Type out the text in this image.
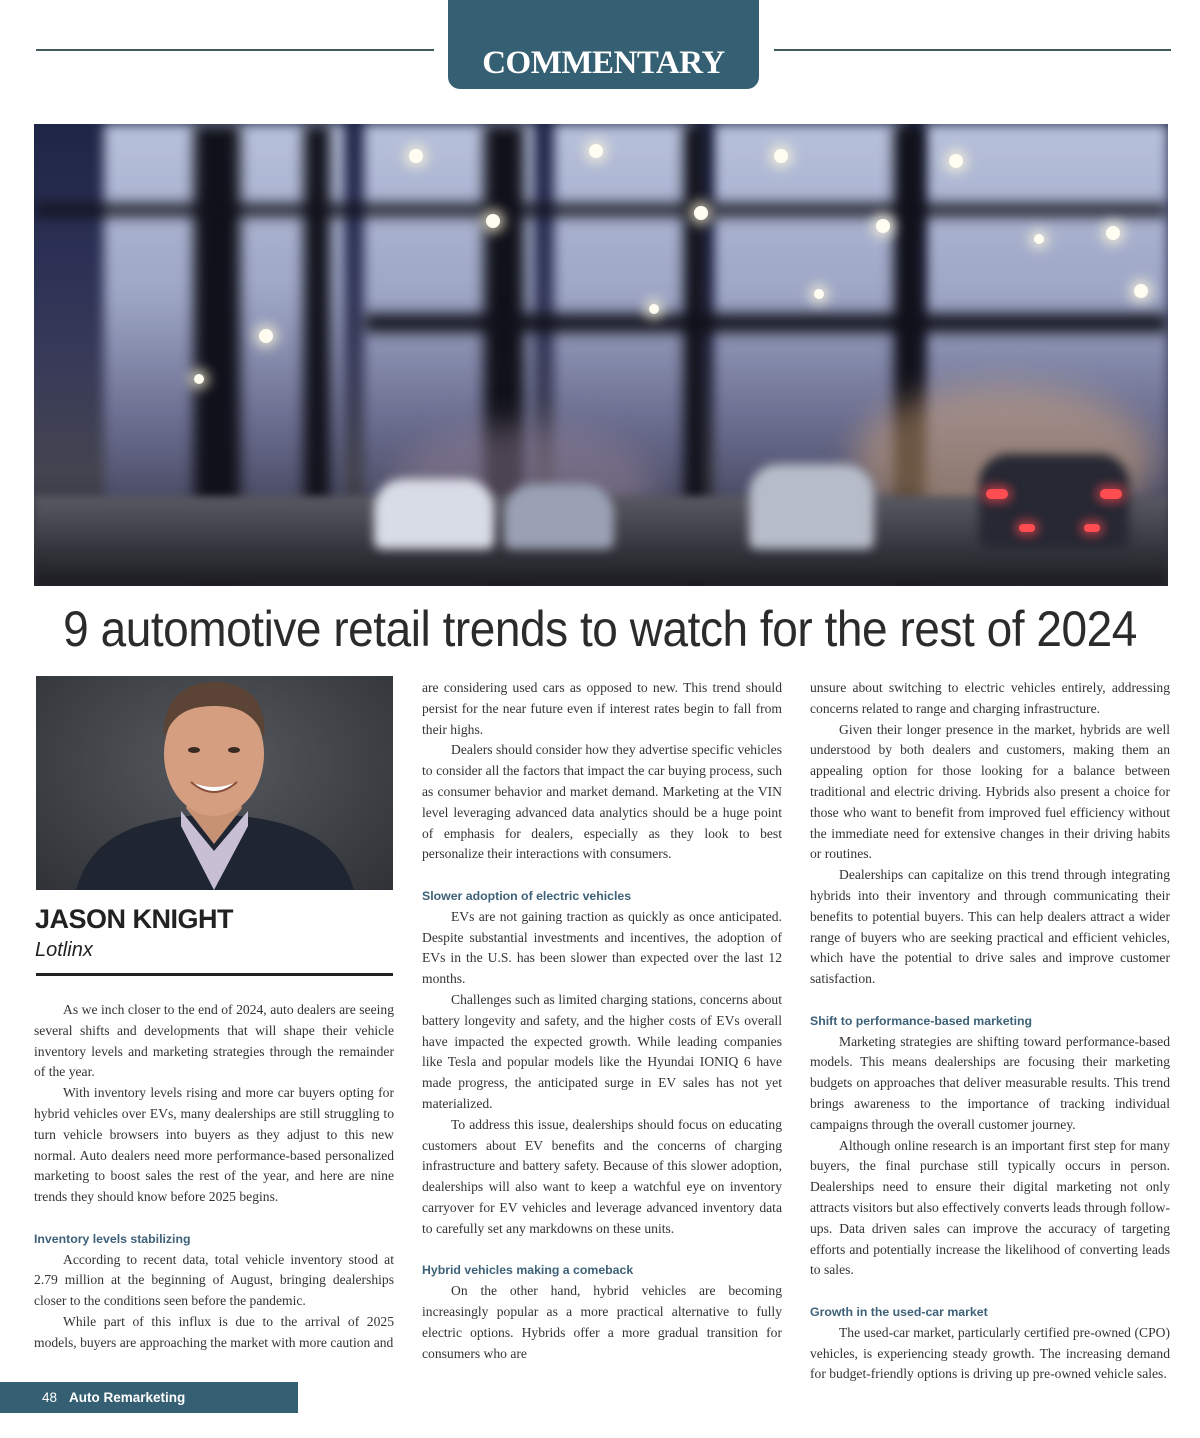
COMMENTARY
9 automotive retail trends to watch for the rest of 2024
JASON KNIGHT
Lotlinx

As we inch closer to the end of 2024, auto dealers are seeing several shifts and developments that will shape their vehicle inventory levels and marketing strategies through the remainder of the year.

With inventory levels rising and more car buyers opting for hybrid vehicles over EVs, many dealerships are still struggling to turn vehicle browsers into buyers as they adjust to this new normal. Auto dealers need more performance-based personalized marketing to boost sales the rest of the year, and here are nine trends they should know before 2025 begins.

Inventory levels stabilizing

According to recent data, total vehicle inventory stood at 2.79 million at the beginning of August, bringing dealerships closer to the conditions seen before the pandemic.

While part of this influx is due to the arrival of 2025 models, buyers are approaching the market with more caution and

are considering used cars as opposed to new. This trend should persist for the near future even if interest rates begin to fall from their highs.

Dealers should consider how they advertise specific vehicles to consider all the factors that impact the car buying process, such as consumer behavior and market demand. Marketing at the VIN level leveraging advanced data analytics should be a huge point of emphasis for dealers, especially as they look to best personalize their interactions with consumers.

Slower adoption of electric vehicles

EVs are not gaining traction as quickly as once anticipated. Despite substantial investments and incentives, the adoption of EVs in the U.S. has been slower than expected over the last 12 months.

Challenges such as limited charging stations, concerns about battery longevity and safety, and the higher costs of EVs overall have impacted the expected growth. While leading companies like Tesla and popular models like the Hyundai IONIQ 6 have made progress, the anticipated surge in EV sales has not yet materialized.

To address this issue, dealerships should focus on educating customers about EV benefits and the concerns of charging infrastructure and battery safety. Because of this slower adoption, dealerships will also want to keep a watchful eye on inventory carryover for EV vehicles and leverage advanced inventory data to carefully set any markdowns on these units.

Hybrid vehicles making a comeback

On the other hand, hybrid vehicles are becoming increasingly popular as a more practical alternative to fully electric options. Hybrids offer a more gradual transition for consumers who are

unsure about switching to electric vehicles entirely, addressing concerns related to range and charging infrastructure.

Given their longer presence in the market, hybrids are well understood by both dealers and customers, making them an appealing option for those looking for a balance between traditional and electric driving. Hybrids also present a choice for those who want to benefit from improved fuel efficiency without the immediate need for extensive changes in their driving habits or routines.

Dealerships can capitalize on this trend through integrating hybrids into their inventory and through communicating their benefits to potential buyers. This can help dealers attract a wider range of buyers who are seeking practical and efficient vehicles, which have the potential to drive sales and improve customer satisfaction.

Shift to performance-based marketing

Marketing strategies are shifting toward performance-based models. This means dealerships are focusing their marketing budgets on approaches that deliver measurable results. This trend brings awareness to the importance of tracking individual campaigns through the overall customer journey.

Although online research is an important first step for many buyers, the final purchase still typically occurs in person. Dealerships need to ensure their digital marketing not only attracts visitors but also effectively converts leads through follow-ups. Data driven sales can improve the accuracy of targeting efforts and potentially increase the likelihood of converting leads to sales.

Growth in the used-car market

The used-car market, particularly certified pre-owned (CPO) vehicles, is experiencing steady growth. The increasing demand for budget-friendly options is driving up pre-owned vehicle sales.

48 Auto Remarketing
